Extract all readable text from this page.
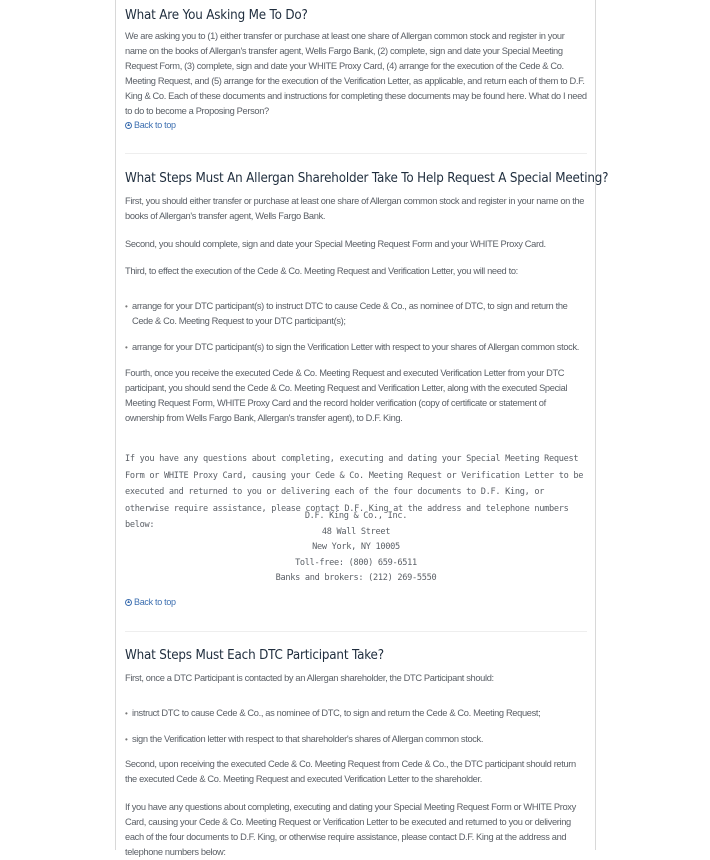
What Are You Asking Me To Do?

We are asking you to (1) either transfer or purchase at least one share of Allergan common stock and register in your name on the books of Allergan's transfer agent, Wells Fargo Bank, (2) complete, sign and date your Special Meeting Request Form, (3) complete, sign and date your WHITE Proxy Card, (4) arrange for the execution of the Cede & Co. Meeting Request, and (5) arrange for the execution of the Verification Letter, as applicable, and return each of them to D.F. King & Co. Each of these documents and instructions for completing these documents may be found here. What do I need to do to become a Proposing Person?

▲ Back to top
What Steps Must An Allergan Shareholder Take To Help Request A Special Meeting?

First, you should either transfer or purchase at least one share of Allergan common stock and register in your name on the books of Allergan's transfer agent, Wells Fargo Bank.

Second, you should complete, sign and date your Special Meeting Request Form and your WHITE Proxy Card.

Third, to effect the execution of the Cede & Co. Meeting Request and Verification Letter, you will need to:

• arrange for your DTC participant(s) to instruct DTC to cause Cede & Co., as nominee of DTC, to sign and return the Cede & Co. Meeting Request to your DTC participant(s);
• arrange for your DTC participant(s) to sign the Verification Letter with respect to your shares of Allergan common stock.

Fourth, once you receive the executed Cede & Co. Meeting Request and executed Verification Letter from your DTC participant, you should send the Cede & Co. Meeting Request and Verification Letter, along with the executed Special Meeting Request Form, WHITE Proxy Card and the record holder verification (copy of certificate or statement of ownership from Wells Fargo Bank, Allergan's transfer agent), to D.F. King.

If you have any questions about completing, executing and dating your Special Meeting Request Form or WHITE Proxy Card, causing your Cede & Co. Meeting Request or Verification Letter to be executed and returned to you or delivering each of the four documents to D.F. King, or otherwise require assistance, please contact D.F. King at the address and telephone numbers below:

D.F. King & Co., Inc.
48 Wall Street
New York, NY 10005
Toll-free: (800) 659-6511
Banks and brokers: (212) 269-5550
▲ Back to top
What Steps Must Each DTC Participant Take?

First, once a DTC Participant is contacted by an Allergan shareholder, the DTC Participant should:

• instruct DTC to cause Cede & Co., as nominee of DTC, to sign and return the Cede & Co. Meeting Request;
• sign the Verification letter with respect to that shareholder's shares of Allergan common stock.

Second, upon receiving the executed Cede & Co. Meeting Request from Cede & Co., the DTC participant should return the executed Cede & Co. Meeting Request and executed Verification Letter to the shareholder.

If you have any questions about completing, executing and dating your Special Meeting Request Form or WHITE Proxy Card, causing your Cede & Co. Meeting Request or Verification Letter to be executed and returned to you or delivering each of the four documents to D.F. King, or otherwise require assistance, please contact D.F. King at the address and telephone numbers below:
